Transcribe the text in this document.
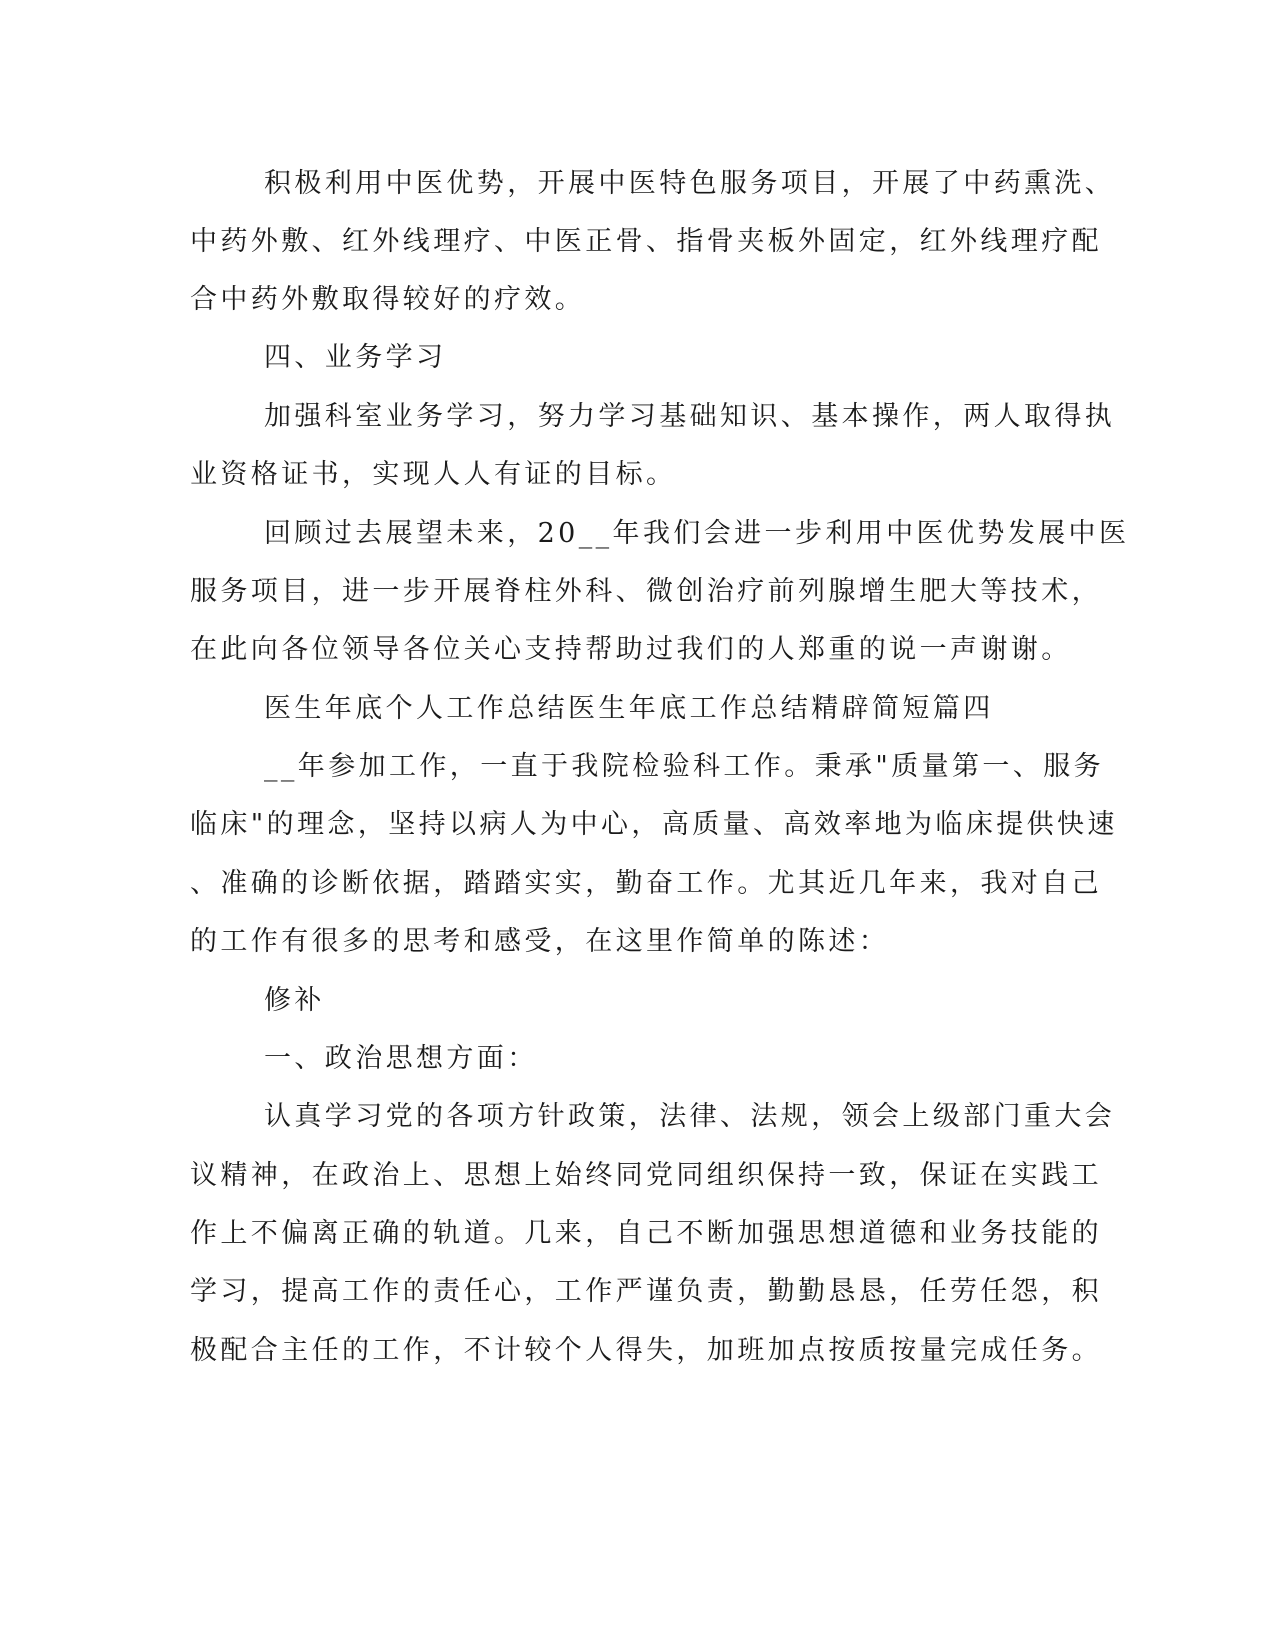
积极利用中医优势，开展中医特色服务项目，开展了中药熏洗、

中药外敷、红外线理疗、中医正骨、指骨夹板外固定，红外线理疗配

合中药外敷取得较好的疗效。

四、业务学习

加强科室业务学习，努力学习基础知识、基本操作，两人取得执

业资格证书，实现人人有证的目标。

回顾过去展望未来，20__年我们会进一步利用中医优势发展中医

服务项目，进一步开展脊柱外科、微创治疗前列腺增生肥大等技术，

在此向各位领导各位关心支持帮助过我们的人郑重的说一声谢谢。

医生年底个人工作总结医生年底工作总结精辟简短篇四

__年参加工作，一直于我院检验科工作。秉承"质量第一、服务

临床"的理念，坚持以病人为中心，高质量、高效率地为临床提供快速

、准确的诊断依据，踏踏实实，勤奋工作。尤其近几年来，我对自己

的工作有很多的思考和感受，在这里作简单的陈述：

修补

一、政治思想方面：

认真学习党的各项方针政策，法律、法规，领会上级部门重大会

议精神，在政治上、思想上始终同党同组织保持一致，保证在实践工

作上不偏离正确的轨道。几来，自己不断加强思想道德和业务技能的

学习，提高工作的责任心，工作严谨负责，勤勤恳恳，任劳任怨，积

极配合主任的工作，不计较个人得失，加班加点按质按量完成任务。
